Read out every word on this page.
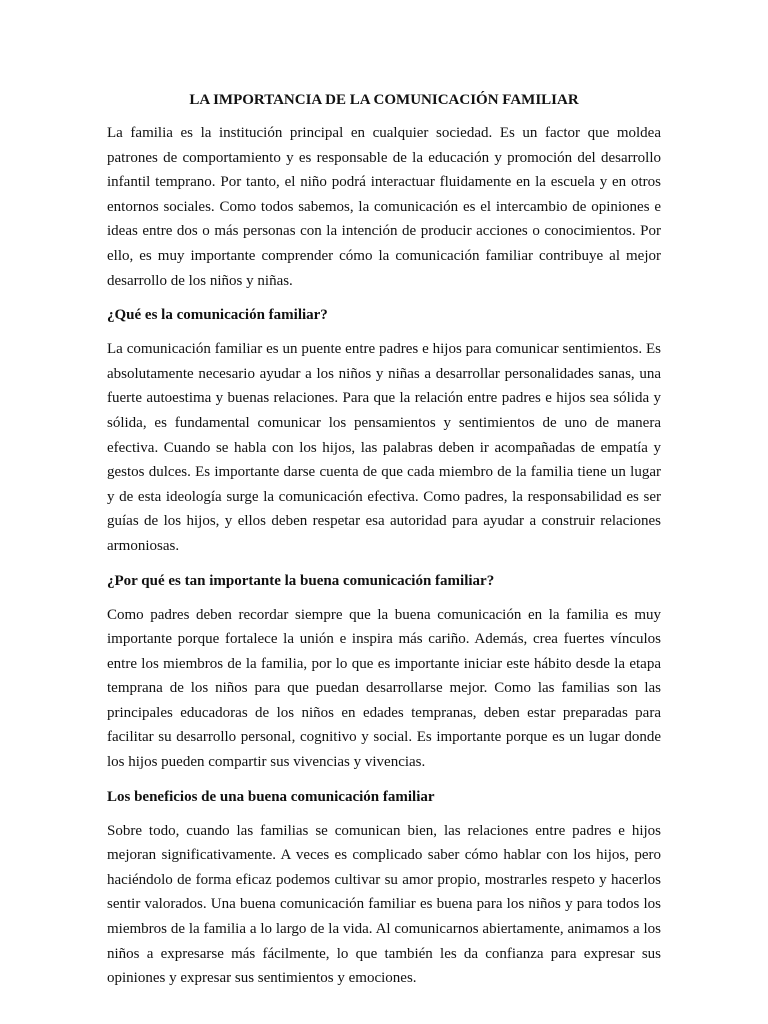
LA IMPORTANCIA DE LA COMUNICACIÓN FAMILIAR

La familia es la institución principal en cualquier sociedad. Es un factor que moldea patrones de comportamiento y es responsable de la educación y promoción del desarrollo infantil temprano. Por tanto, el niño podrá interactuar fluidamente en la escuela y en otros entornos sociales. Como todos sabemos, la comunicación es el intercambio de opiniones e ideas entre dos o más personas con la intención de producir acciones o conocimientos. Por ello, es muy importante comprender cómo la comunicación familiar contribuye al mejor desarrollo de los niños y niñas.

¿Qué es la comunicación familiar?

La comunicación familiar es un puente entre padres e hijos para comunicar sentimientos. Es absolutamente necesario ayudar a los niños y niñas a desarrollar personalidades sanas, una fuerte autoestima y buenas relaciones. Para que la relación entre padres e hijos sea sólida y sólida, es fundamental comunicar los pensamientos y sentimientos de uno de manera efectiva. Cuando se habla con los hijos, las palabras deben ir acompañadas de empatía y gestos dulces. Es importante darse cuenta de que cada miembro de la familia tiene un lugar y de esta ideología surge la comunicación efectiva. Como padres, la responsabilidad es ser guías de los hijos, y ellos deben respetar esa autoridad para ayudar a construir relaciones armoniosas.

¿Por qué es tan importante la buena comunicación familiar?

Como padres deben recordar siempre que la buena comunicación en la familia es muy importante porque fortalece la unión e inspira más cariño. Además, crea fuertes vínculos entre los miembros de la familia, por lo que es importante iniciar este hábito desde la etapa temprana de los niños para que puedan desarrollarse mejor. Como las familias son las principales educadoras de los niños en edades tempranas, deben estar preparadas para facilitar su desarrollo personal, cognitivo y social. Es importante porque es un lugar donde los hijos pueden compartir sus vivencias y vivencias.

Los beneficios de una buena comunicación familiar

Sobre todo, cuando las familias se comunican bien, las relaciones entre padres e hijos mejoran significativamente. A veces es complicado saber cómo hablar con los hijos, pero haciéndolo de forma eficaz podemos cultivar su amor propio, mostrarles respeto y hacerlos sentir valorados. Una buena comunicación familiar es buena para los niños y para todos los miembros de la familia a lo largo de la vida. Al comunicarnos abiertamente, animamos a los niños a expresarse más fácilmente, lo que también les da confianza para expresar sus opiniones y expresar sus sentimientos y emociones.
